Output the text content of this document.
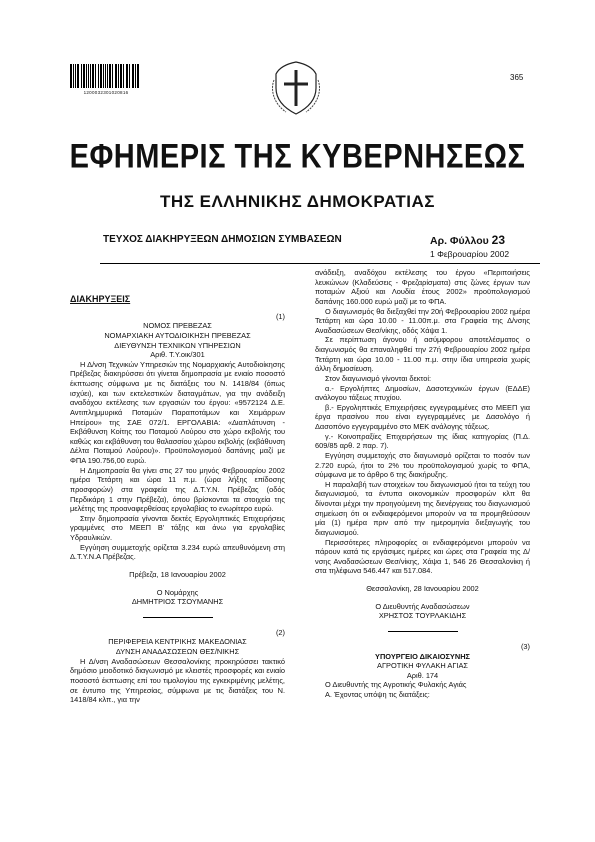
1200032301020816
365
ΕΦΗΜΕΡΙΣ ΤΗΣ ΚΥΒΕΡΝΗΣΕΩΣ
ΤΗΣ ΕΛΛΗΝΙΚΗΣ ΔΗΜΟΚΡΑΤΙΑΣ
ΤΕΥΧΟΣ ΔΙΑΚΗΡΥΞΕΩΝ ΔΗΜΟΣΙΩΝ ΣΥΜΒΑΣΕΩΝ	Αρ. Φύλλου 23
1 Φεβρουαρίου 2002

ΔΙΑΚΗΡΥΞΕΙΣ

(1)

ΝΟΜΟΣ ΠΡΕΒΕΖΑΣ

ΝΟΜΑΡΧΙΑΚΗ ΑΥΤΟΔΙΟΙΚΗΣΗ ΠΡΕΒΕΖΑΣ

ΔΙΕΥΘΥΝΣΗ ΤΕΧΝΙΚΩΝ ΥΠΗΡΕΣΙΩΝ

Αριθ. Τ.Υ.οικ/301

Η Δ/νση Τεχνικών Υπηρεσιών της Νομαρχιακής Αυτοδιοίκησης Πρέβεζας διακηρύσσει ότι γίνεται δημοπρασία με ενιαίο ποσοστό έκπτωσης σύμφωνα με τις διατάξεις του Ν. 1418/84 (όπως ισχύει), και των εκτελεστικών διαταγμάτων, για την ανάδειξη αναδόχου εκτέλεσης των εργασιών του έργου: «9572124 Δ.Ε. Αντιπλημμυρικά Ποταμών Παραποτάμων και Χειμάρρων Ηπείρου» της ΣΑΕ 072/1. ΕΡΓΟΛΑΒΙΑ: «Διαπλάτυνση - Εκβάθυνση Κοίτης του Ποταμού Λούρου στο χώρο εκβολής του καθώς και εκβάθυνση του θαλασσίου χώρου εκβολής (εκβάθυνση Δέλτα Ποταμού Λούρου)». Προϋπολογισμού δαπάνης μαζί με ΦΠΑ 190.756,00 ευρώ.

Η Δημοπρασία θα γίνει στις 27 του μηνός Φεβρουαρίου 2002 ημέρα Τετάρτη και ώρα 11 π.μ. (ώρα λήξης επίδοσης προσφορών) στα γραφεία της Δ.Τ.Υ.Ν. Πρέβεζας (οδός Περδικάρη 1 στην Πρέβεζα), όπου βρίσκονται τα στοιχεία της μελέτης της προαναφερθείσας εργολαβίας το ενωρίτερο ευρώ.

Στην δημοπρασία γίνονται δεκτές Εργοληπτικές Επιχειρήσεις γραμμένες στο ΜΕΕΠ Β' τάξης και άνω για εργολαβίες Υδραυλικών.

Εγγύηση συμμετοχής ορίζεται 3.234 ευρώ απευθυνόμενη στη Δ.Τ.Υ.Ν.Α Πρέβεζας.

Πρέβεζα, 18 Ιανουαρίου 2002

Ο Νομάρχης

ΔΗΜΗΤΡΙΟΣ ΤΣΟΥΜΑΝΗΣ

(2)

ΠΕΡΙΦΕΡΕΙΑ ΚΕΝΤΡΙΚΗΣ ΜΑΚΕΔΟΝΙΑΣ

ΔΥΝΣΗ ΑΝΑΔΑΣΩΣΕΩΝ ΘΕΣ/ΝΙΚΗΣ

Η Δ/νση Αναδασώσεων Θεσσαλονίκης προκηρύσσει τακτικό δημόσιο μειοδοτικό διαγωνισμό με κλειστές προσφορές και ενιαίο ποσοστό έκπτωσης επί του τιμολογίου της εγκεκριμένης μελέτης, σε έντυπο της Υπηρεσίας, σύμφωνα με τις διατάξεις του Ν. 1418/84 κλπ., για την

ανάδειξη, αναδόχου εκτέλεσης του έργου «Περιποιήσεις λευκώνων (Κλαδεύσεις - Φρεζαρίσματα) στις ζώνες έργων των ποταμών Αξιού και Λουδία έτους 2002» προϋπολογισμού δαπάνης 160.000 ευρώ μαζί με το ΦΠΑ.

Ο διαγωνισμός θα διεξαχθεί την 20ή Φεβρουαρίου 2002 ημέρα Τετάρτη και ώρα 10.00 - 11.00π.μ. στα Γραφεία της Δ/νσης Αναδασώσεων Θεσ/νίκης, οδός Χάψα 1.

Σε περίπτωση άγονου ή ασύμφορου αποτελέσματος ο διαγωνισμός θα επαναληφθεί την 27ή Φεβρουαρίου 2002 ημέρα Τετάρτη και ώρα 10.00 - 11.00 π.μ. στην ίδια υπηρεσία χωρίς άλλη δημοσίευση.

Στον διαγωνισμό γίνονται δεκτοί:

α.- Εργολήπτες Δημοσίων, Δασοτεχνικών έργων (ΕΔΔΕ) ανάλογου τάξεως πτυχίου.

β.- Εργοληπτικές Επιχειρήσεις εγγεγραμμένες στο ΜΕΕΠ για έργα πρασίνου που είναι εγγεγραμμένες με Δασολόγο ή Δασοπόνο εγγεγραμμένο στο ΜΕΚ ανάλογης τάξεως.

γ.- Κοινοπραξίες Επιχειρήσεων της ίδιας κατηγορίας (Π.Δ. 609/85 αρθ. 2 παρ. 7).

Εγγύηση συμμετοχής στο διαγωνισμό ορίζεται το ποσόν των 2.720 ευρώ, ήτοι το 2% του προϋπολογισμού χωρίς το ΦΠΑ, σύμφωνα με το άρθρο 6 της διακήρυξης.

Η παραλαβή των στοιχείων του διαγωνισμού ήτοι τα τεύχη του διαγωνισμού, τα έντυπα οικονομικών προσφορών κλπ θα δίνονται μέχρι την προηγούμενη της διενέργειας του διαγωνισμού σημείωση ότι οι ενδιαφερόμενοι μπορούν να τα προμηθεύσουν μία (1) ημέρα πριν από την ημερομηνία διεξαγωγής του διαγωνισμού.

Περισσότερες πληροφορίες οι ενδιαφερόμενοι μπορούν να πάρουν κατά τις εργάσιμες ημέρες και ώρες στα Γραφεία της Δ/νσης Αναδασώσεων Θεσ/νίκης, Χάψα 1, 546 26 Θεσσαλονίκη ή στα τηλέφωνα 546.447 και 517.084.

Θεσσαλονίκη, 28 Ιανουαρίου 2002

Ο Διευθυντής Αναδασώσεων

ΧΡΗΣΤΟΣ ΤΟΥΡΛΑΚΙΔΗΣ

(3)

ΥΠΟΥΡΓΕΙΟ ΔΙΚΑΙΟΣΥΝΗΣ

ΑΓΡΟΤΙΚΗ ΦΥΛΑΚΗ ΑΓΙΑΣ

Αριθ. 174

Ο Διευθυντής της Αγροτικής Φυλακής Αγιάς

Α. Έχοντας υπόψη τις διατάξεις:
